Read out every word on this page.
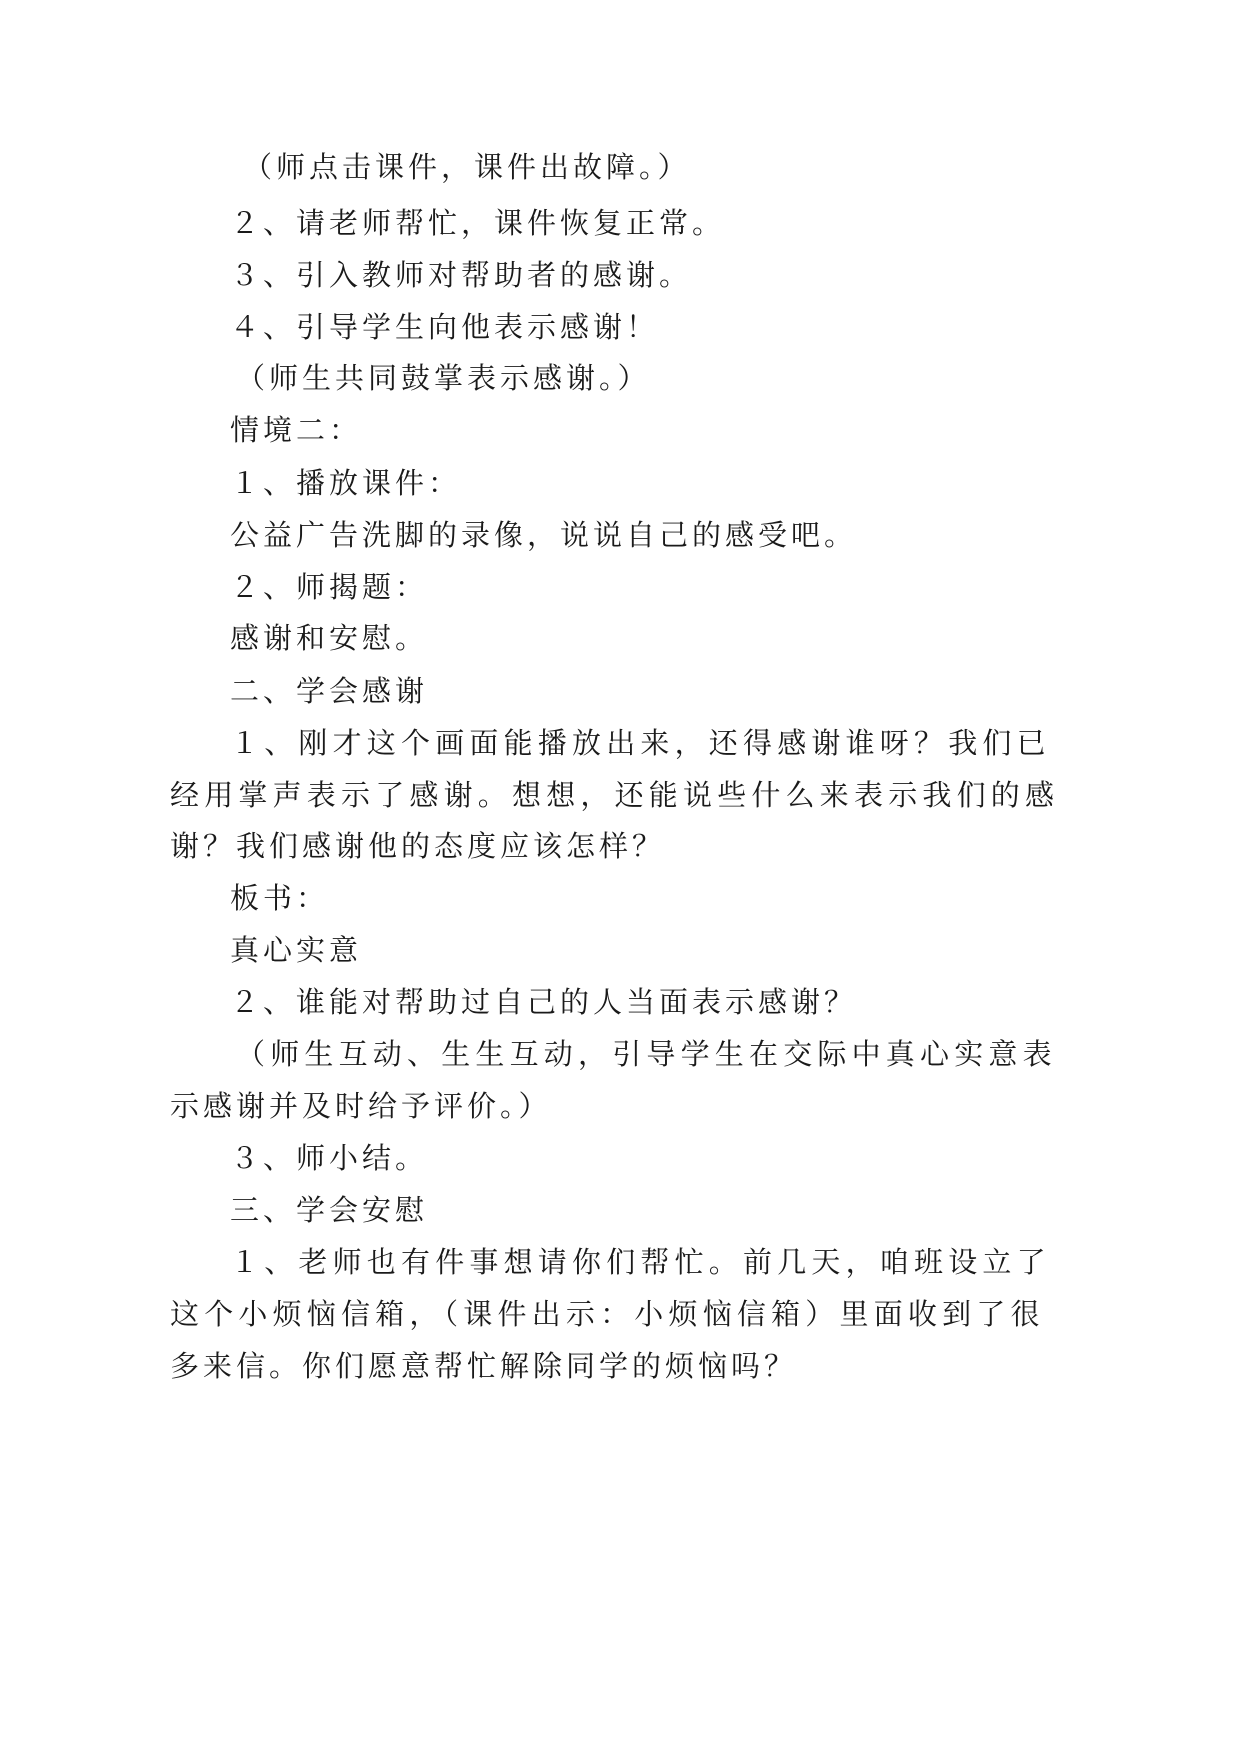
（师点击课件，课件出故障。）

２、请老师帮忙，课件恢复正常。

３、引入教师对帮助者的感谢。

４、引导学生向他表示感谢！

（师生共同鼓掌表示感谢。）

情境二：

１、播放课件：

公益广告洗脚的录像，说说自己的感受吧。

２、师揭题：

感谢和安慰。

二、学会感谢

１、刚才这个画面能播放出来，还得感谢谁呀？我们已

经用掌声表示了感谢。想想，还能说些什么来表示我们的感

谢？我们感谢他的态度应该怎样？

板书：

真心实意

２、谁能对帮助过自己的人当面表示感谢？

（师生互动、生生互动，引导学生在交际中真心实意表

示感谢并及时给予评价。）

３、师小结。

三、学会安慰

１、老师也有件事想请你们帮忙。前几天，咱班设立了

这个小烦恼信箱，（课件出示：小烦恼信箱）里面收到了很

多来信。你们愿意帮忙解除同学的烦恼吗？
